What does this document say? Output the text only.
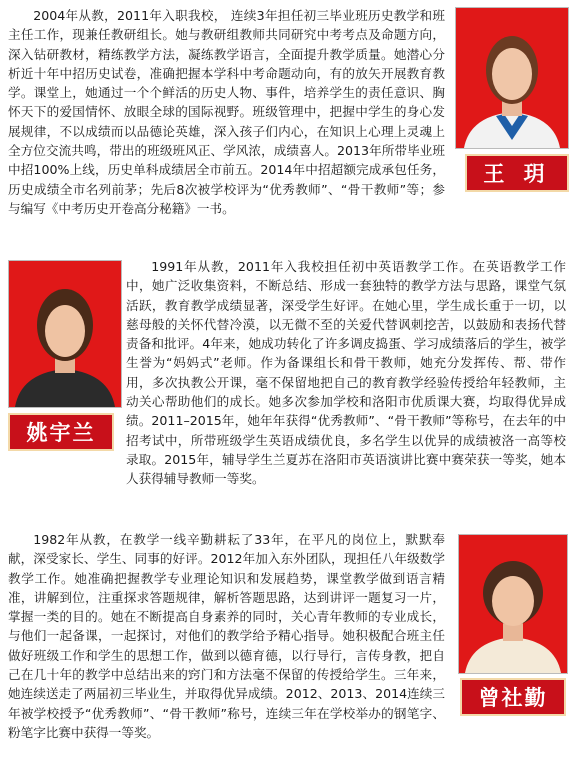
2004年从教，2011年入职我校， 连续3年担任初三毕业班历史教学和班主任工作，现兼任教研组长。她与教研组教师共同研究中考考点及命题方向，深入钻研教材，精练教学方法，凝练教学语言，全面提升教学质量。她潜心分析近十年中招历史试卷，准确把握本学科中考命题动向，有的放矢开展教育教学。课堂上，她通过一个个鲜活的历史人物、事件，培养学生的责任意识、胸怀天下的爱国情怀、放眼全球的国际视野。班级管理中，把握中学生的身心发展规律，不以成绩而以品德论英雄，深入孩子们内心，在知识上心理上灵魂上全方位交流共鸣，带出的班级班风正、学风浓，成绩喜人。2013年所带毕业班中招100%上线，历史单科成绩居全市前五。2014年中招超额完成承包任务，历史成绩全市名列前茅；先后8次被学校评为“优秀教师”、“骨干教师”等；参与编写《中考历史开卷高分秘籍》一书。

王 玥
姚宇兰

1991年从教，2011年入我校担任初中英语教学工作。在英语教学工作中，她广泛收集资料，不断总结、形成一套独特的教学方法与思路，课堂气氛活跃，教育教学成绩显著，深受学生好评。在她心里，学生成长重于一切，以慈母般的关怀代替冷漠，以无微不至的关爱代替讽刺挖苦，以鼓励和表扬代替责备和批评。4年来，她成功转化了许多调皮捣蛋、学习成绩落后的学生，被学生誉为“妈妈式”老师。作为备课组长和骨干教师，她充分发挥传、帮、带作用，多次执教公开课，毫不保留地把自己的教育教学经验传授给年轻教师，主动关心帮助他们的成长。她多次参加学校和洛阳市优质课大赛，均取得优异成绩。2011–2015年，她年年获得“优秀教师”、“骨干教师”等称号，在去年的中招考试中，所带班级学生英语成绩优良，多名学生以优异的成绩被洛一高等校录取。2015年，辅导学生兰夏苏在洛阳市英语演讲比赛中赛荣获一等奖，她本人获得辅导教师一等奖。

1982年从教，在教学一线辛勤耕耘了33年，在平凡的岗位上，默默奉献，深受家长、学生、同事的好评。2012年加入东外团队，现担任八年级数学教学工作。她准确把握教学专业理论知识和发展趋势，课堂教学做到语言精准，讲解到位，注重探求答题规律，解析答题思路，达到讲评一题复习一片，掌握一类的目的。她在不断提高自身素养的同时，关心青年教师的专业成长，与他们一起备课，一起探讨，对他们的教学给予精心指导。她积极配合班主任做好班级工作和学生的思想工作，做到以德育德，以行导行，言传身教，把自己在几十年的教学中总结出来的窍门和方法毫不保留的传授给学生。三年来，她连续送走了两届初三毕业生，并取得优异成绩。2012、2013、2014连续三年被学校授予“优秀教师”、“骨干教师”称号，连续三年在学校举办的钢笔字、粉笔字比赛中获得一等奖。

曾社勤
